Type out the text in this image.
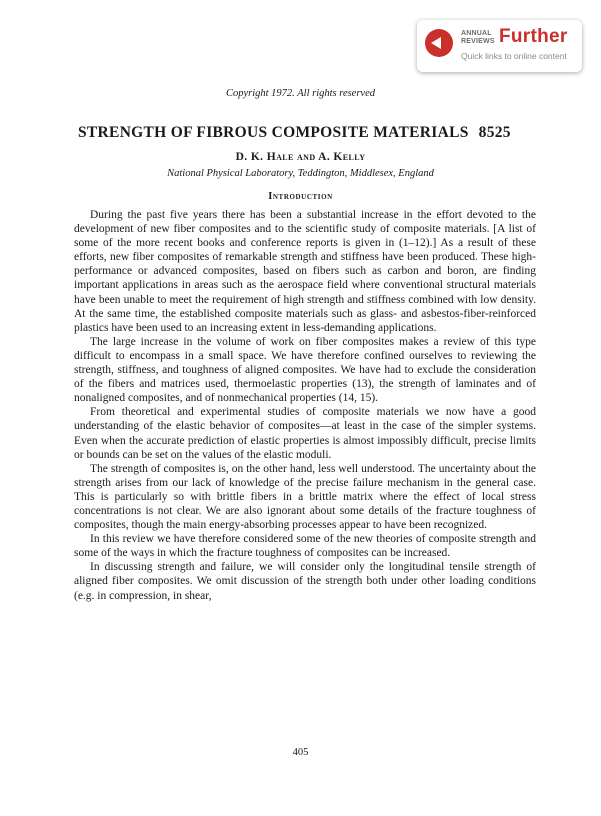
ANNUAL REVIEWS Further
Quick links to online content
Copyright 1972. All rights reserved
STRENGTH OF FIBROUS COMPOSITE MATERIALS 8525
D. K. Hale and A. Kelly
National Physical Laboratory, Teddington, Middlesex, England
Introduction

During the past five years there has been a substantial increase in the effort devoted to the development of new fiber composites and to the scientific study of composite materials. [A list of some of the more recent books and conference reports is given in (1–12).] As a result of these efforts, new fiber composites of remarkable strength and stiffness have been produced. These high-performance or advanced composites, based on fibers such as carbon and boron, are finding important applications in areas such as the aerospace field where conventional structural materials have been unable to meet the requirement of high strength and stiffness combined with low density. At the same time, the established composite materials such as glass- and asbestos-fiber-reinforced plastics have been used to an increasing extent in less-demanding applications.

The large increase in the volume of work on fiber composites makes a review of this type difficult to encompass in a small space. We have therefore confined ourselves to reviewing the strength, stiffness, and toughness of aligned composites. We have had to exclude the consideration of the fibers and matrices used, thermoelastic properties (13), the strength of laminates and of nonaligned composites, and of nonmechanical properties (14, 15).

From theoretical and experimental studies of composite materials we now have a good understanding of the elastic behavior of composites—at least in the case of the simpler systems. Even when the accurate prediction of elastic properties is almost impossibly difficult, precise limits or bounds can be set on the values of the elastic moduli.

The strength of composites is, on the other hand, less well understood. The uncertainty about the strength arises from our lack of knowledge of the precise failure mechanism in the general case. This is particularly so with brittle fibers in a brittle matrix where the effect of local stress concentrations is not clear. We are also ignorant about some details of the fracture toughness of composites, though the main energy-absorbing processes appear to have been recognized.

In this review we have therefore considered some of the new theories of composite strength and some of the ways in which the fracture toughness of composites can be increased.

In discussing strength and failure, we will consider only the longitudinal tensile strength of aligned fiber composites. We omit discussion of the strength both under other loading conditions (e.g. in compression, in shear,

405
